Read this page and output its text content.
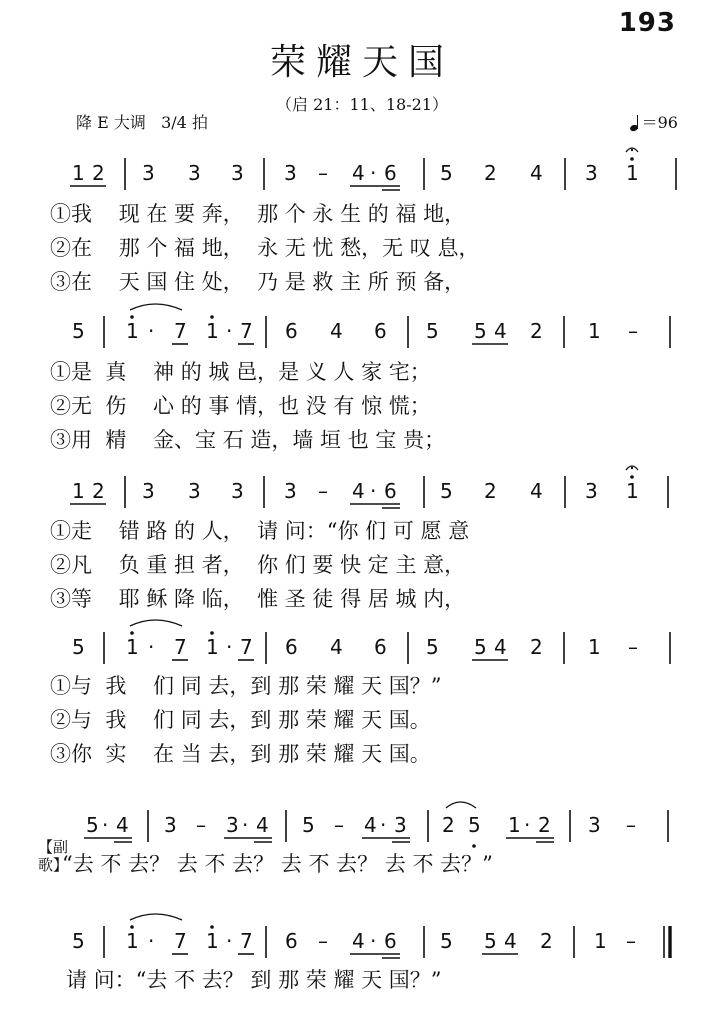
193
荣耀天国
（启 21：11、18-21）
降 E 大调   3/4 拍	＝96
1 2 3 3 3 3 – 4 · 6 5 2 4 3 1
5 1 · 7 1 · 7 6 4 6 5 5 4 2 1 –
1 2 3 3 3 3 – 4 · 6 5 2 4 3 1
5 1 · 7 1 · 7 6 4 6 5 5 4 2 1 –
5 · 4 3 – 3 · 4 5 – 4 · 3 2 5 1 · 2 3 –
5 1 · 7 1 · 7 6 – 4 · 6 5 5 4 2 1 –
①我    现 在 要 奔，  那 个 永 生 的 福 地，
②在    那 个 福 地，  永 无 忧 愁，无 叹 息，
③在    天 国 住 处，  乃 是 救 主 所 预 备，
①是  真    神 的 城 邑，是 义 人 家 宅；
②无  伤    心 的 事 情，也 没 有 惊 慌；
③用  精    金、宝 石 造，墙 垣 也 宝 贵；
①走    错 路 的 人，  请 问：“你 们 可 愿 意
②凡    负 重 担 者，  你 们 要 快 定 主 意，
③等    耶 稣 降 临，  惟 圣 徒 得 居 城 内，
①与  我    们 同 去，到 那 荣 耀 天 国？”
②与  我    们 同 去，到 那 荣 耀 天 国。
③你  实    在 当 去，到 那 荣 耀 天 国。
【副歌】
“去 不 去？ 去 不 去？ 去 不 去？ 去 不 去？”
请 问：“去 不 去？ 到 那 荣 耀 天 国？”
